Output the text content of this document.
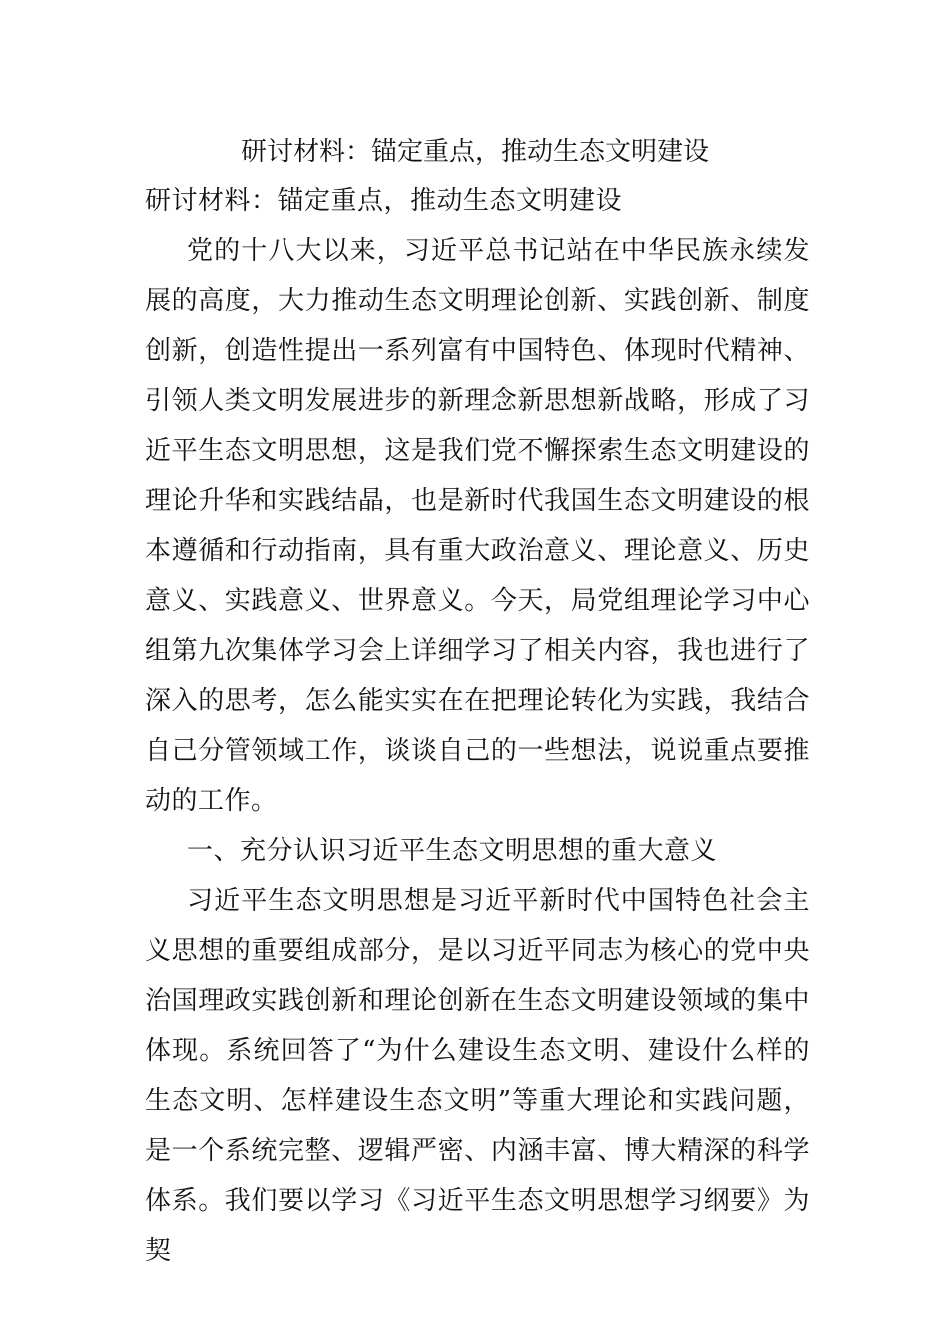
研讨材料：锚定重点，推动生态文明建设

研讨材料：锚定重点，推动生态文明建设

党的十八大以来，习近平总书记站在中华民族永续发展的高度，大力推动生态文明理论创新、实践创新、制度创新，创造性提出一系列富有中国特色、体现时代精神、引领人类文明发展进步的新理念新思想新战略，形成了习近平生态文明思想，这是我们党不懈探索生态文明建设的理论升华和实践结晶，也是新时代我国生态文明建设的根本遵循和行动指南，具有重大政治意义、理论意义、历史意义、实践意义、世界意义。今天，局党组理论学习中心组第九次集体学习会上详细学习了相关内容，我也进行了深入的思考，怎么能实实在在把理论转化为实践，我结合自己分管领域工作，谈谈自己的一些想法，说说重点要推动的工作。

一、充分认识习近平生态文明思想的重大意义

习近平生态文明思想是习近平新时代中国特色社会主义思想的重要组成部分，是以习近平同志为核心的党中央治国理政实践创新和理论创新在生态文明建设领域的集中体现。系统回答了“为什么建设生态文明、建设什么样的生态文明、怎样建设生态文明”等重大理论和实践问题，是一个系统完整、逻辑严密、内涵丰富、博大精深的科学体系。我们要以学习《习近平生态文明思想学习纲要》为契
